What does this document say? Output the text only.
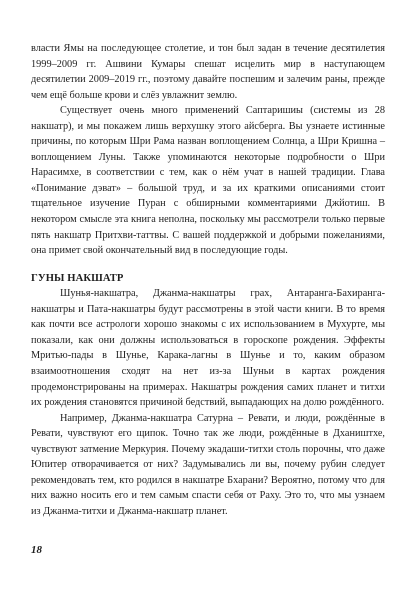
власти Ямы на последующее столетие, и тон был задан в течение десятилетия 1999–2009 гг. Ашвини Кумары спешат исцелить мир в наступающем десятилетии 2009–2019 гг., поэтому давайте поспешим и залечим раны, прежде чем ещё больше крови и слёз увлажнит землю.

Существует очень много применений Саптаришиы (системы из 28 накшатр), и мы покажем лишь верхушку этого айсберга. Вы узнаете истинные причины, по которым Шри Рама назван воплощением Солнца, а Шри Кришна – воплощением Луны. Также упоминаются некоторые подробности о Шри Нарасимхе, в соответствии с тем, как о нём учат в нашей традиции. Глава «Понимание дэват» – большой труд, и за их краткими описаниями стоит тщательное изучение Пуран с обширными комментариями Джйотиш. В некотором смысле эта книга неполна, поскольку мы рассмотрели только первые пять накшатр Притхви-таттвы. С вашей поддержкой и добрыми пожеланиями, она примет свой окончательный вид в последующие годы.

ГУНЫ НАКШАТР

Шунья-накшатра, Джанма-накшатры грах, Антаранга-Бахиранга-накшатры и Пата-накшатры будут рассмотрены в этой части книги. В то время как почти все астрологи хорошо знакомы с их использованием в Мухурте, мы показали, как они должны использоваться в гороскопе рождения. Эффекты Мритью-пады в Шунье, Карака-лагны в Шунье и то, каким образом взаимоотношения сходят на нет из-за Шуньи в картах рождения продемонстрированы на примерах. Накшатры рождения самих планет и титхи их рождения становятся причиной бедствий, выпадающих на долю рождённого.

Например, Джанма-накшатра Сатурна – Ревати, и люди, рождённые в Ревати, чувствуют его щипок. Точно так же люди, рождённые в Дхаништхе, чувствуют затмение Меркурия. Почему экадаши-титхи столь порочны, что даже Юпитер отворачивается от них? Задумывались ли вы, почему рубин следует рекомендовать тем, кто родился в накшатре Бхарани? Вероятно, потому что для них важно носить его и тем самым спасти себя от Раху. Это то, что мы узнаем из Джанма-титхи и Джанма-накшатр планет.

18
